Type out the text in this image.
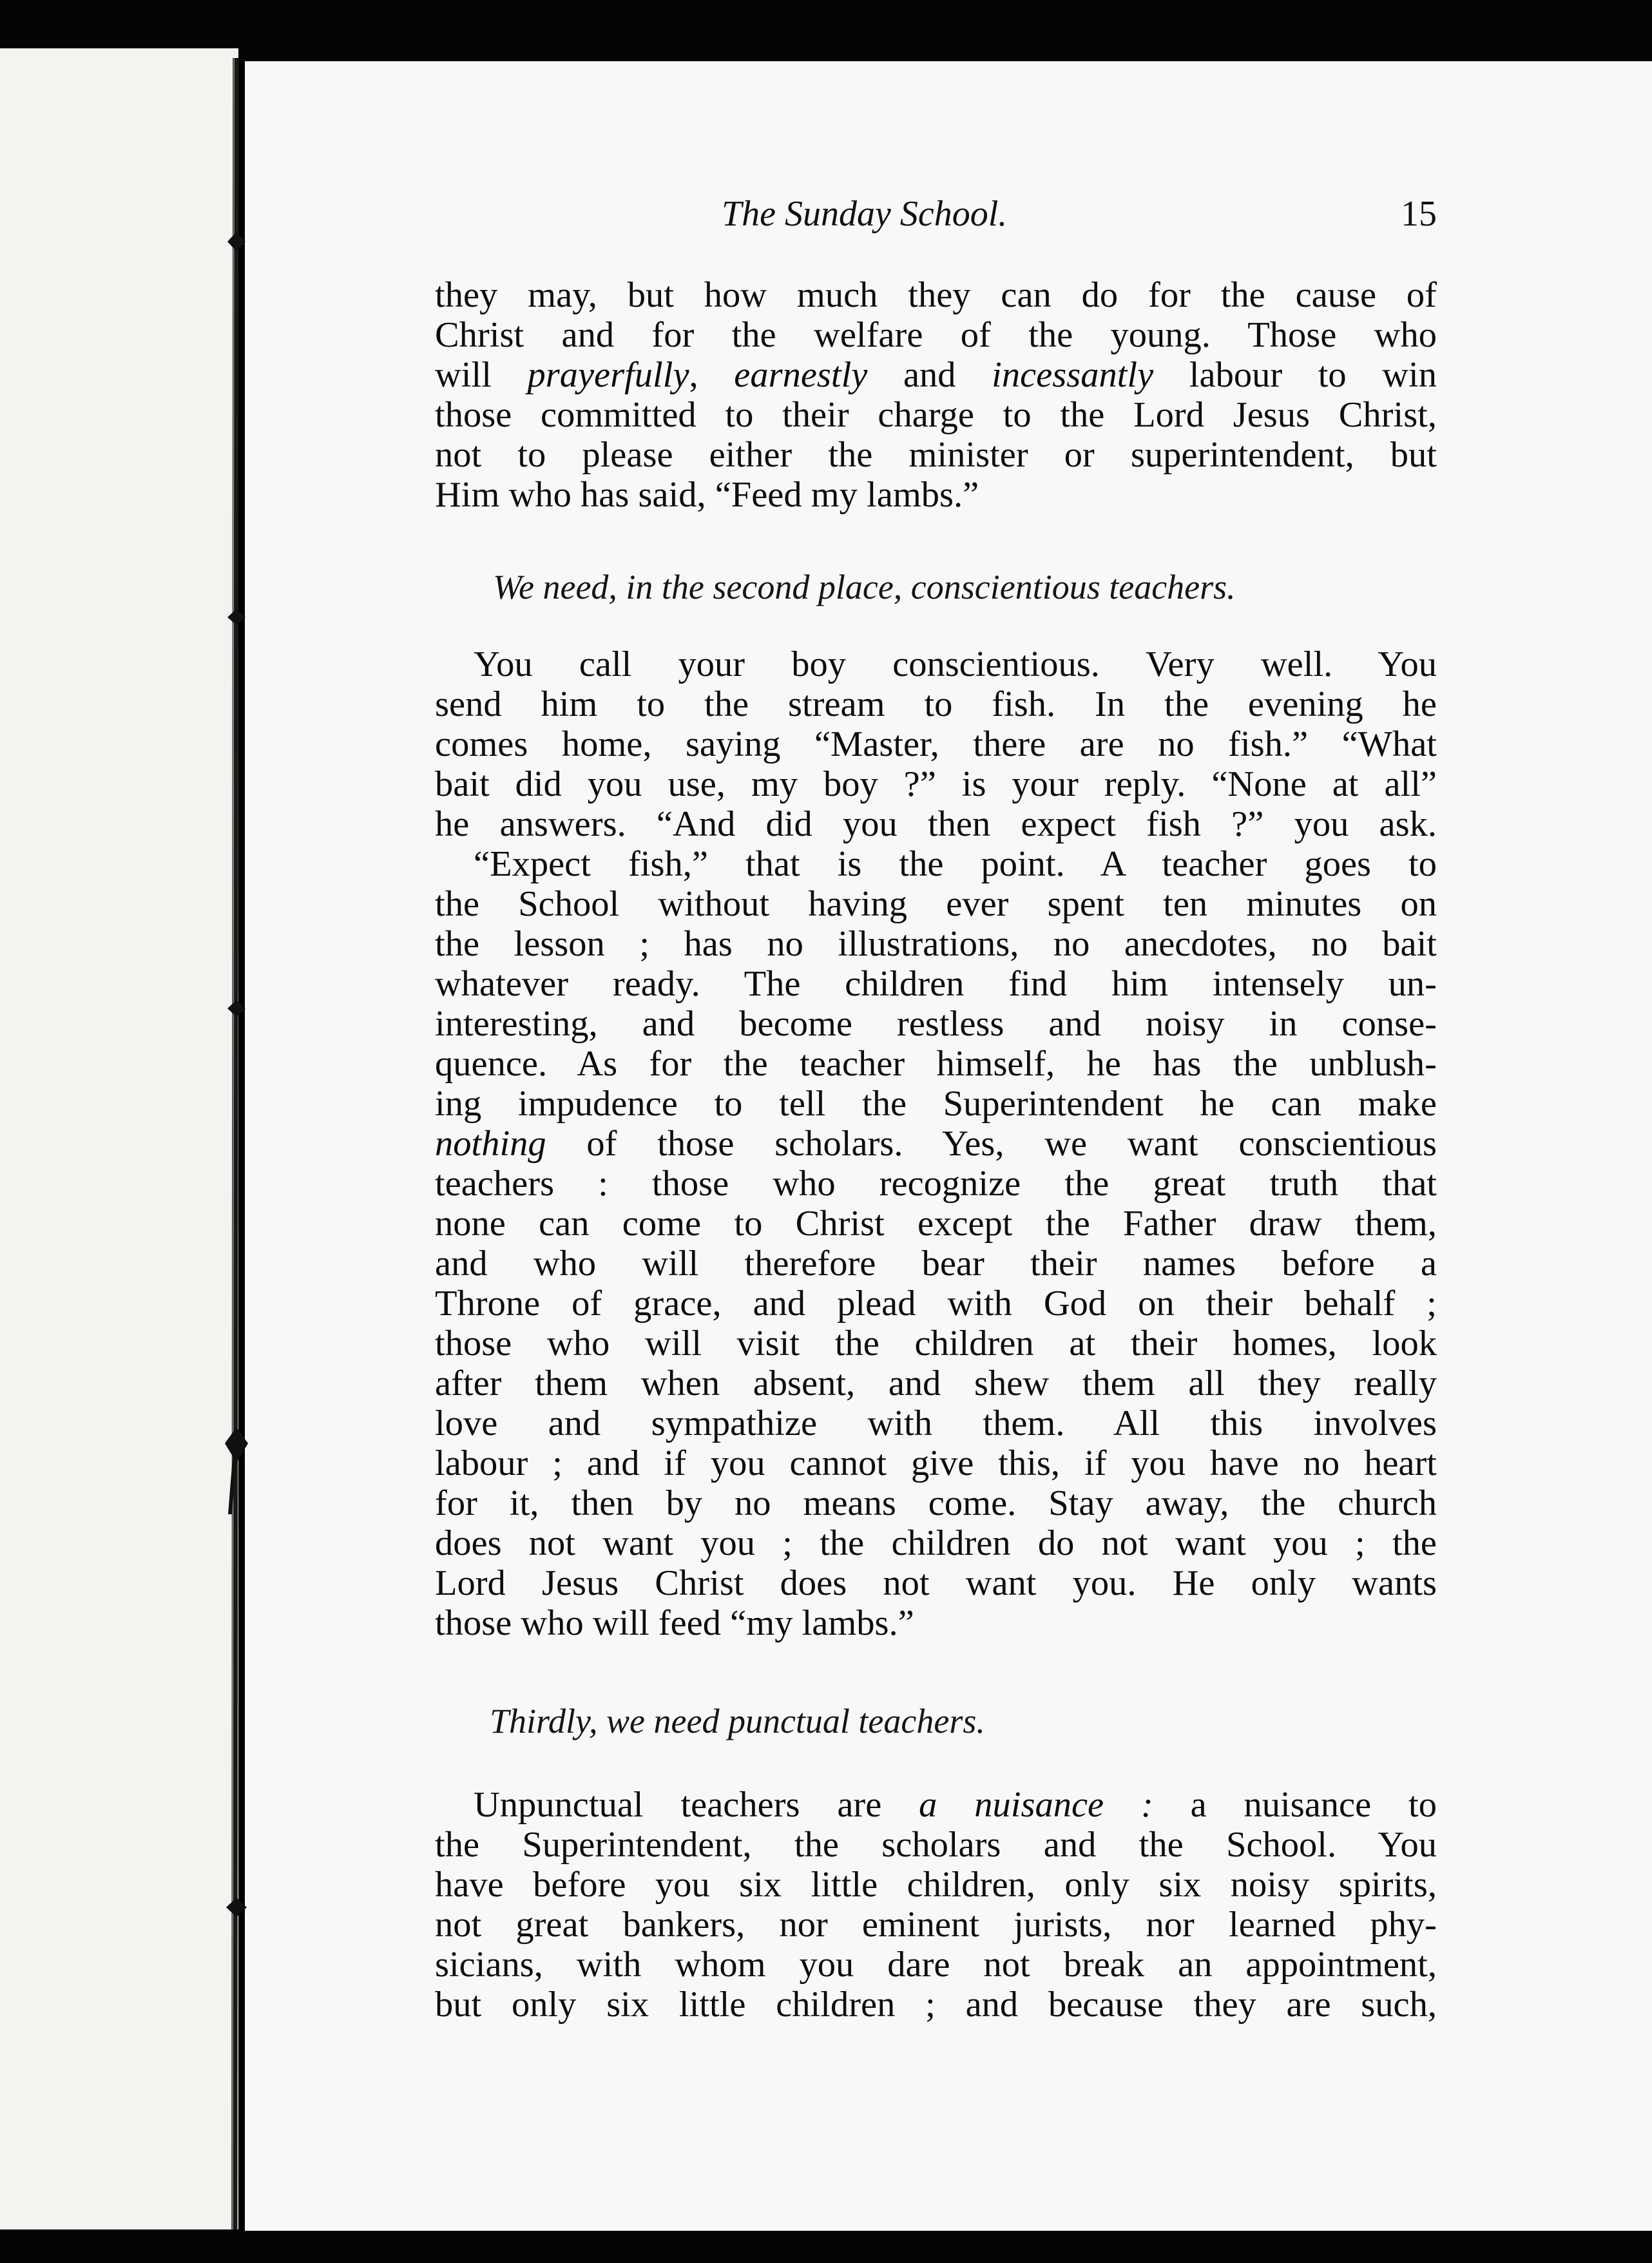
The Sunday School.	15
they may, but how much they can do for the cause of
Christ and for the welfare of the young. Those who
will prayerfully, earnestly and incessantly labour to win
those committed to their charge to the Lord Jesus Christ,
not to please either the minister or superintendent, but
Him who has said, “Feed my lambs.”
We need, in the second place, conscientious teachers.
You call your boy conscientious. Very well. You
send him to the stream to fish. In the evening he
comes home, saying “Master, there are no fish.” “What
bait did you use, my boy ?” is your reply. “None at all”
he answers. “And did you then expect fish ?” you ask.
“Expect fish,” that is the point. A teacher goes to
the School without having ever spent ten minutes on
the lesson ; has no illustrations, no anecdotes, no bait
whatever ready. The children find him intensely un-
interesting, and become restless and noisy in conse-
quence. As for the teacher himself, he has the unblush-
ing impudence to tell the Superintendent he can make
nothing of those scholars. Yes, we want conscientious
teachers : those who recognize the great truth that
none can come to Christ except the Father draw them,
and who will therefore bear their names before a
Throne of grace, and plead with God on their behalf ;
those who will visit the children at their homes, look
after them when absent, and shew them all they really
love and sympathize with them. All this involves
labour ; and if you cannot give this, if you have no heart
for it, then by no means come. Stay away, the church
does not want you ; the children do not want you ; the
Lord Jesus Christ does not want you. He only wants
those who will feed “my lambs.”
Thirdly, we need punctual teachers.
Unpunctual teachers are a nuisance : a nuisance to
the Superintendent, the scholars and the School. You
have before you six little children, only six noisy spirits,
not great bankers, nor eminent jurists, nor learned phy-
sicians, with whom you dare not break an appointment,
but only six little children ; and because they are such,
